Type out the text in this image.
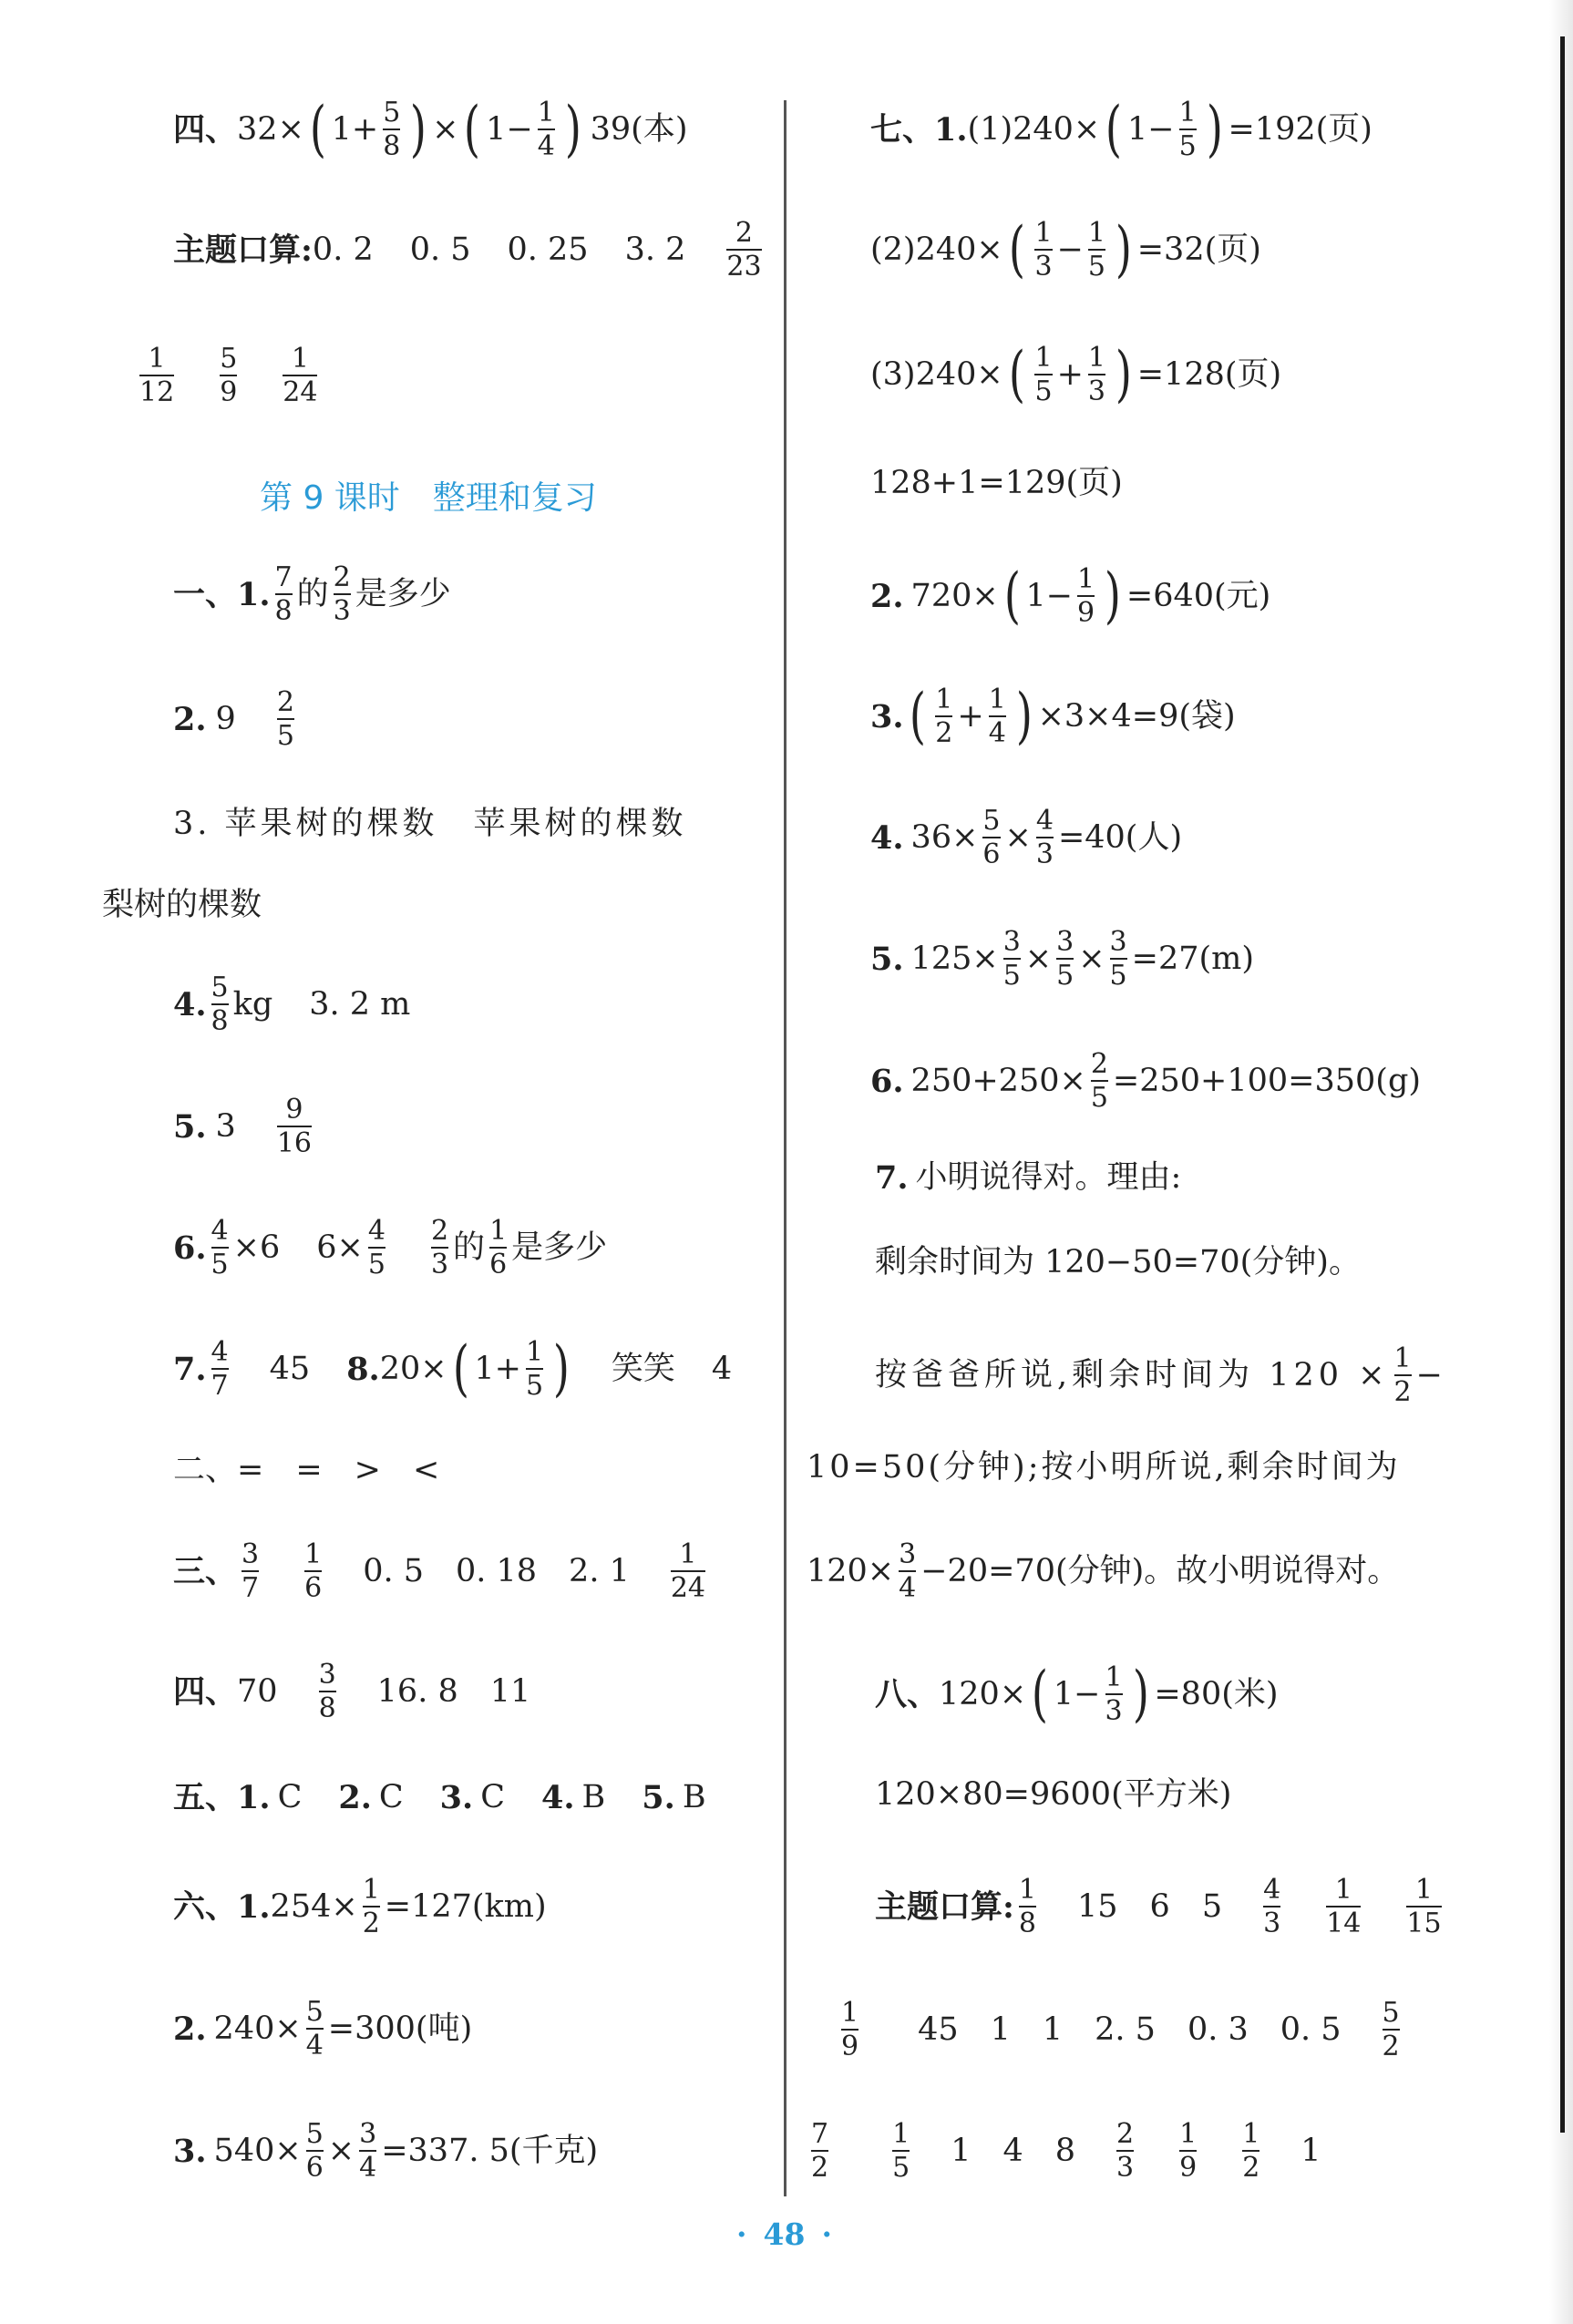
四、 32 × ( $1 + \frac{5}{8}$ ) × ( $1- \frac{1}{4}$ ) 39(本)
主题口算: 0. 2 0. 5 0. 25 3. $2 \frac{2}{23}$
$\frac{1}{12} \frac{5}{9} \frac{1}{24}$
第 9 课时　整理和复习
一、1. $\frac{7}{8}$ 的 $\frac{2}{3}$ 是多少
2. $9 \frac{2}{5}$
3. 苹果树的棵数　苹果树的棵数
梨树的棵数
4. $\frac{5}{8}$ kg 3. 2 m
5. $3 \frac{9}{16}$
6. $\frac{4}{5} \times 6$ $6\times \frac{4}{5} \frac{2}{3}$ 的 $\frac{1}{6}$ 是多少
7. $\frac{4}{7} 45$ 8. 20× ( $1+ \frac{1}{5}$ ) 笑笑 4
二、=　=　>　<
三、 $\frac{3}{7} \frac{1}{6} 0$. 5　0. 18　2. $1 \frac{1}{24}$
四、 $70 \frac{3}{8} 16$. 8　11
五、 1. C 2. C 3. C 4. B 5. B
六、1. $254\times \frac{1}{2} =127(km)$
2. $240\times \frac{5}{4} =300$(吨)
3. $540\times \frac{5}{6} \times \frac{3}{4} =337$. 5(千克)
七、1. (1)240× ( $1- \frac{1}{5}$ ) =192(页)
(2)240× ( $\frac{1}{3} - \frac{1}{5}$ ) =32(页)
(3)240× ( $\frac{1}{5} + \frac{1}{3}$ ) =128(页)
128+1=129(页)
2. 720× ( $1- \frac{1}{9}$ ) =640(元)
3. ( $\frac{1}{2} + \frac{1}{4}$ ) ×3×4=9(袋)
4. $36\times \frac{5}{6} \times \frac{4}{3} =40$(人)
5. $125\times \frac{3}{5} \times \frac{3}{5} \times \frac{3}{5} =27(m)$
6. $250+250\times \frac{2}{5} =250+100=350(g)$
7. 小明说得对。理由:
剩余时间为 120−50=70(分钟)。
按爸爸所说,剩余时间为 $120 \times \frac{1}{2}$ −
10=50(分钟);按小明所说,剩余时间为
$120\times \frac{3}{4} -20=70$(分钟)。故小明说得对。
八、 120× ( $1- \frac{1}{3}$ ) =80(米)
120×80=9600(平方米)
主题口算: $\frac{1}{8} 15$　6　$5 \frac{4}{3} \frac{1}{14} \frac{1}{15}$
$\frac{1}{9} 45$　1　1　2. 5　0. 3　0. $5 \frac{5}{2}$
$\frac{7}{2} \frac{1}{5} 1$　4　$8 \frac{2}{3} \frac{1}{9} \frac{1}{2} 1$
· 48 ·
